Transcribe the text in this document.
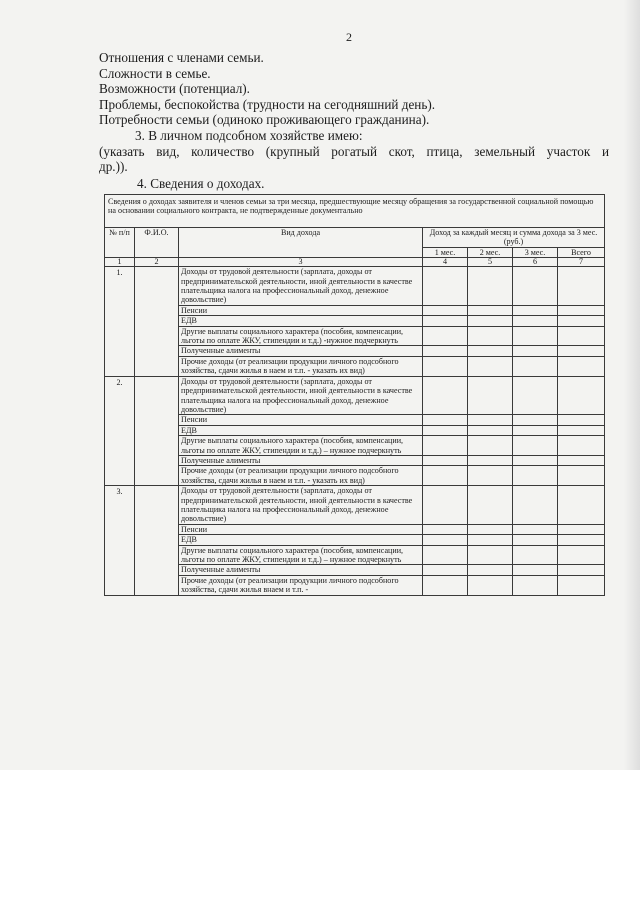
2
Отношения с членами семьи.
Сложности в семье.
Возможности (потенциал).
Проблемы, беспокойства (трудности на сегодняшний день).
Потребности семьи (одиноко проживающего гражданина).
3. В личном подсобном хозяйстве имею:
(указать вид, количество (крупный рогатый скот, птица, земельный участок и
др.)).
4. Сведения о доходах.
Сведения о доходах заявителя и членов семьи за три месяца, предшествующие месяцу обращения за государственной социальной помощью на основании социального контракта, не подтвержденные документально						
№ п/п	Ф.И.О.	Вид дохода	Доход за каждый месяц и сумма дохода за 3 мес. (руб.)			
			1 мес.	2 мес.	3 мес.	Всего
1	2	3	4	5	6	7
1.		Доходы от трудовой деятельности (зарплата, доходы от предпринимательской деятельности, иной деятельности в качестве плательщика налога на профессиональный доход, денежное довольствие)				
		Пенсии				
		ЕДВ				
		Другие выплаты социального характера (пособия, компенсации, льготы по оплате ЖКУ, стипендии и т.д.) -нужное подчеркнуть				
		Полученные алименты				
		Прочие доходы (от реализации продукции личного подсобного хозяйства, сдачи жилья в наем и т.п. - указать их вид)				
2.		Доходы от трудовой деятельности (зарплата, доходы от предпринимательской деятельности, иной деятельности в качестве плательщика налога на профессиональный доход, денежное довольствие)				
		Пенсии				
		ЕДВ				
		Другие выплаты социального характера (пособия, компенсации, льготы по оплате ЖКУ, стипендии и т.д.) – нужное подчеркнуть				
		Полученные алименты				
		Прочие доходы (от реализации продукции личного подсобного хозяйства, сдачи жилья в наем и т.п. - указать их вид)				
3.		Доходы от трудовой деятельности (зарплата, доходы от предпринимательской деятельности, иной деятельности в качестве плательщика налога на профессиональный доход, денежное довольствие)				
		Пенсии				
		ЕДВ				
		Другие выплаты социального характера (пособия, компенсации, льготы по оплате ЖКУ, стипендии и т.д.) – нужное подчеркнуть				
		Полученные алименты				
		Прочие доходы (от реализации продукции личного подсобного хозяйства, сдачи жилья внаем и т.п. -				
